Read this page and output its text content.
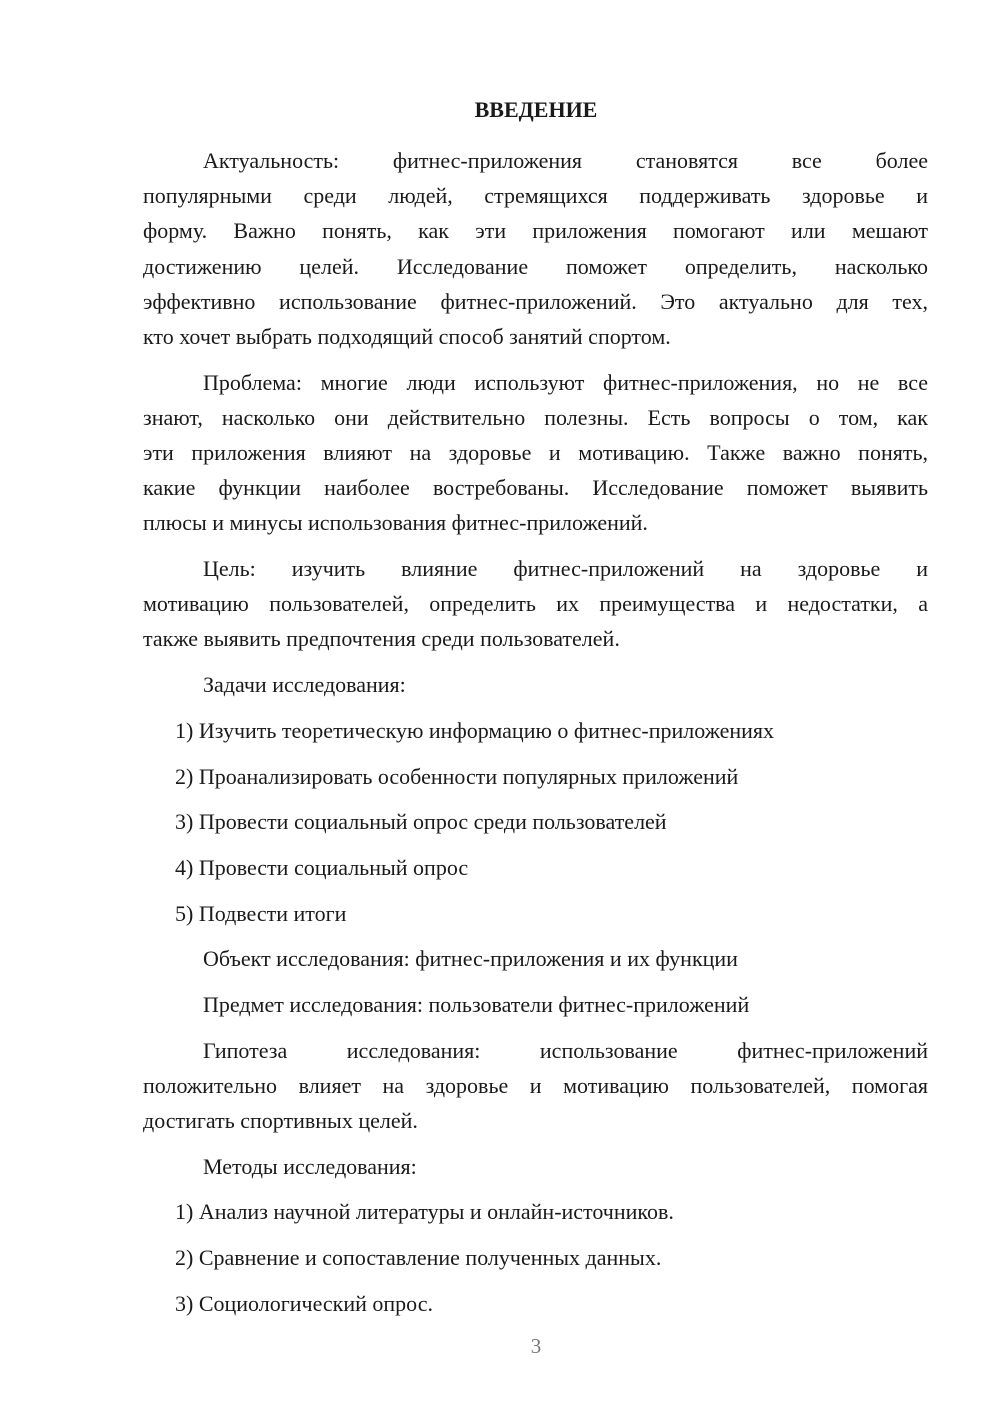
ВВЕДЕНИЕ
Актуальность: фитнес-приложения становятся все более
популярными среди людей, стремящихся поддерживать здоровье и
форму. Важно понять, как эти приложения помогают или мешают
достижению целей. Исследование поможет определить, насколько
эффективно использование фитнес-приложений. Это актуально для тех,
кто хочет выбрать подходящий способ занятий спортом.
Проблема: многие люди используют фитнес-приложения, но не все
знают, насколько они действительно полезны. Есть вопросы о том, как
эти приложения влияют на здоровье и мотивацию. Также важно понять,
какие функции наиболее востребованы. Исследование поможет выявить
плюсы и минусы использования фитнес-приложений.
Цель: изучить влияние фитнес-приложений на здоровье и
мотивацию пользователей, определить их преимущества и недостатки, а
также выявить предпочтения среди пользователей.
Задачи исследования:
1) Изучить теоретическую информацию о фитнес-приложениях
2) Проанализировать особенности популярных приложений
3) Провести социальный опрос среди пользователей
4) Провести социальный опрос
5) Подвести итоги
Объект исследования: фитнес-приложения и их функции
Предмет исследования: пользователи фитнес-приложений
Гипотеза исследования: использование фитнес-приложений
положительно влияет на здоровье и мотивацию пользователей, помогая
достигать спортивных целей.
Методы исследования:
1) Анализ научной литературы и онлайн-источников.
2) Сравнение и сопоставление полученных данных.
3) Социологический опрос.
3
